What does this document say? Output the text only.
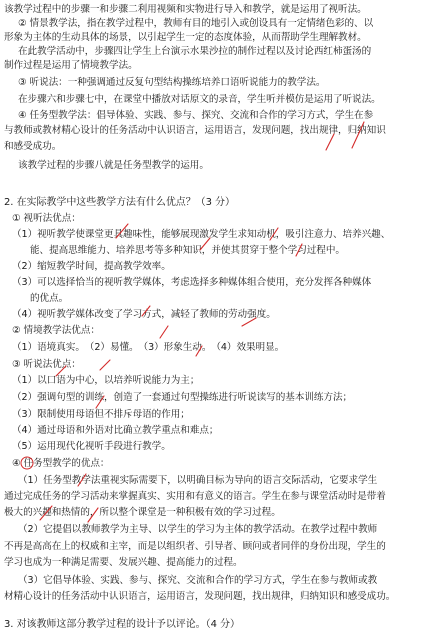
该教学过程中的步骤一和步骤二利用视频和实物进行导入和教学，就是运用了视听法。
② 情景教学法，指在教学过程中，教师有目的地引入或创设具有一定情绪色彩的、以
形象为主体的生动具体的场景，以引起学生一定的态度体验，从而帮助学生理解教材。
在此教学活动中，步骤四让学生上台演示水果沙拉的制作过程以及讨论西红柿蛋汤的
制作过程是运用了情境教学法。
③ 听说法：一种强调通过反复句型结构操练培养口语听说能力的教学法。
在步骤六和步骤七中，在课堂中播放对话原文的录音，学生听并模仿是运用了听说法。
④ 任务型教学法：倡导体验、实践、参与、探究、交流和合作的学习方式，学生在参
与教师或教材精心设计的任务活动中认识语言，运用语言，发现问题，找出规律，归纳知识
和感受成功。
该教学过程的步骤八就是任务型教学的运用。
2. 在实际教学中这些教学方法有什么优点？（3 分）
① 视听法优点：
（1）视听教学使课堂更具趣味性，能够展现激发学生求知动机，吸引注意力、培养兴趣、
能、提高思维能力、培养思考等多种知识，并使其贯穿于整个学习过程中。
（2）缩短教学时间，提高教学效率。
（3）可以选择恰当的视听教学媒体，考虑选择多种媒体组合使用，充分发挥各种媒体
的优点。
（4）视听教学媒体改变了学习方式，减轻了教师的劳动强度。
② 情境教学法优点：
（1）语境真实。　（2）易懂。　（3）形象生动。　（4）效果明显。
③ 听说法优点：
（1）以口语为中心，以培养听说能力为主；
（2）强调句型的训练，创造了一套通过句型操练进行听说读写的基本训练方法；
（3）限制使用母语但不排斥母语的作用；
（4）通过母语和外语对比确立教学重点和难点；
（5）运用现代化视听手段进行教学。
④ 任务型教学的优点：
（1）任务型教学法重视实际需要下，以明确目标为导向的语言交际活动，它要求学生
通过完成任务的学习活动来掌握真实、实用和有意义的语言。学生在参与课堂活动时是带着
极大的兴趣和热情的，所以整个课堂是一种积极有效的学习过程。
（2）它提倡以教师教学为主导、以学生的学习为主体的教学活动。在教学过程中教师
不再是高高在上的权威和主宰，而是以组织者、引导者、顾问或者同伴的身份出现，学生的
学习也成为一种满足需要、发展兴趣、提高能力的过程。
（3）它倡导体验、实践、参与、探究、交流和合作的学习方式，学生在参与教师或教
材精心设计的任务活动中认识语言，运用语言，发现问题，找出规律，归纳知识和感受成功。
3. 对该教师这部分教学过程的设计予以评论。（4 分）
